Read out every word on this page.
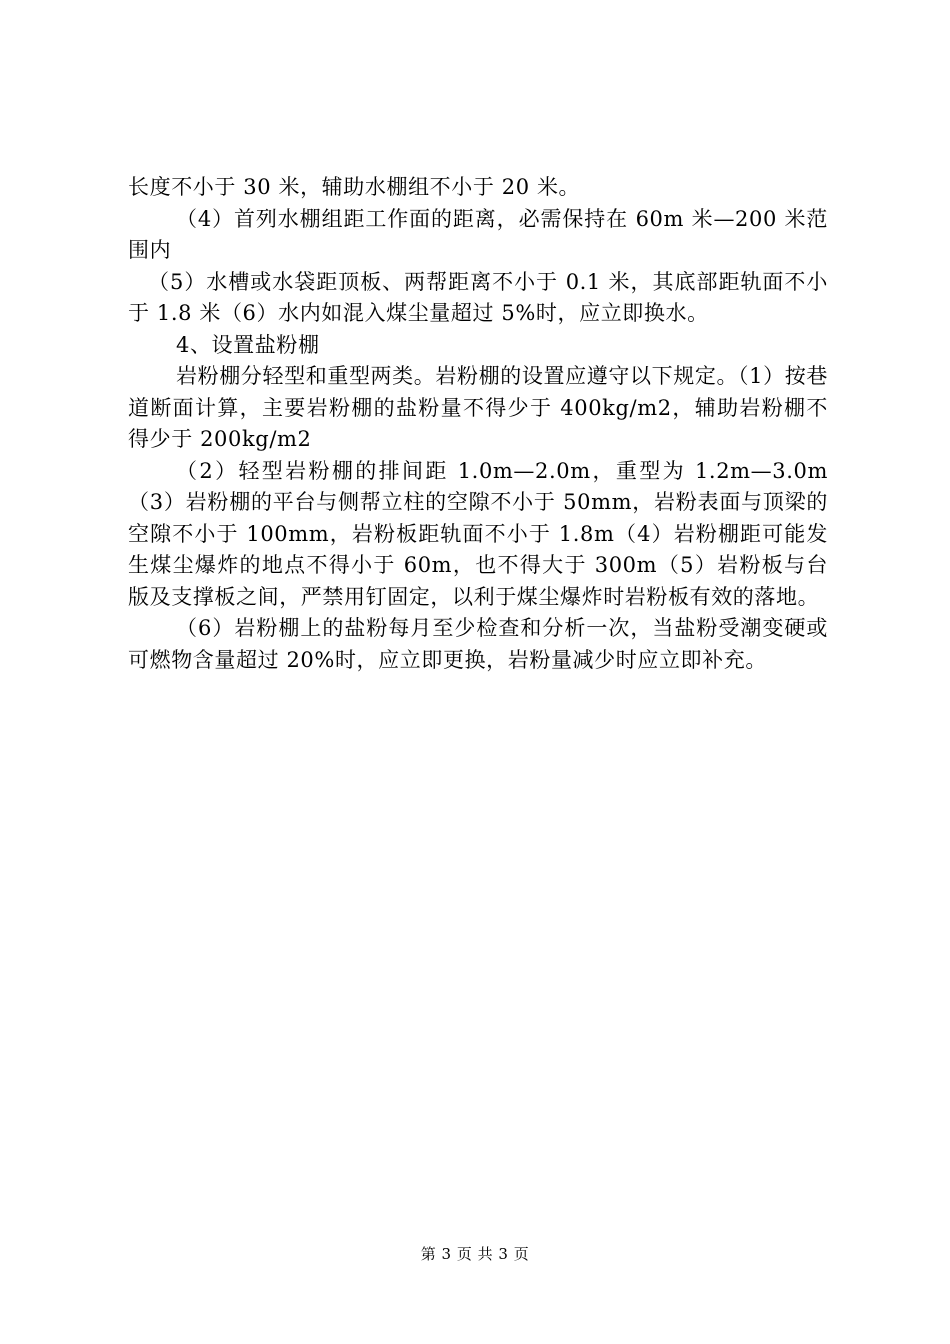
长度不小于 30 米，辅助水棚组不小于 20 米。

（4）首列水棚组距工作面的距离，必需保持在 60m 米—200 米范围内

（5）水槽或水袋距顶板、两帮距离不小于 0.1 米，其底部距轨面不小于 1.8 米（6）水内如混入煤尘量超过 5%时，应立即换水。

4、设置盐粉棚

岩粉棚分轻型和重型两类。岩粉棚的设置应遵守以下规定。（1）按巷道断面计算，主要岩粉棚的盐粉量不得少于 400kg/m2，辅助岩粉棚不得少于 200kg/m2

（2）轻型岩粉棚的排间距 1.0m—2.0m，重型为 1.2m—3.0m（3）岩粉棚的平台与侧帮立柱的空隙不小于 50mm，岩粉表面与顶梁的空隙不小于 100mm，岩粉板距轨面不小于 1.8m（4）岩粉棚距可能发生煤尘爆炸的地点不得小于 60m，也不得大于 300m（5）岩粉板与台版及支撑板之间，严禁用钉固定，以利于煤尘爆炸时岩粉板有效的落地。

（6）岩粉棚上的盐粉每月至少检查和分析一次，当盐粉受潮变硬或可燃物含量超过 20%时，应立即更换，岩粉量减少时应立即补充。

第 3 页 共 3 页
